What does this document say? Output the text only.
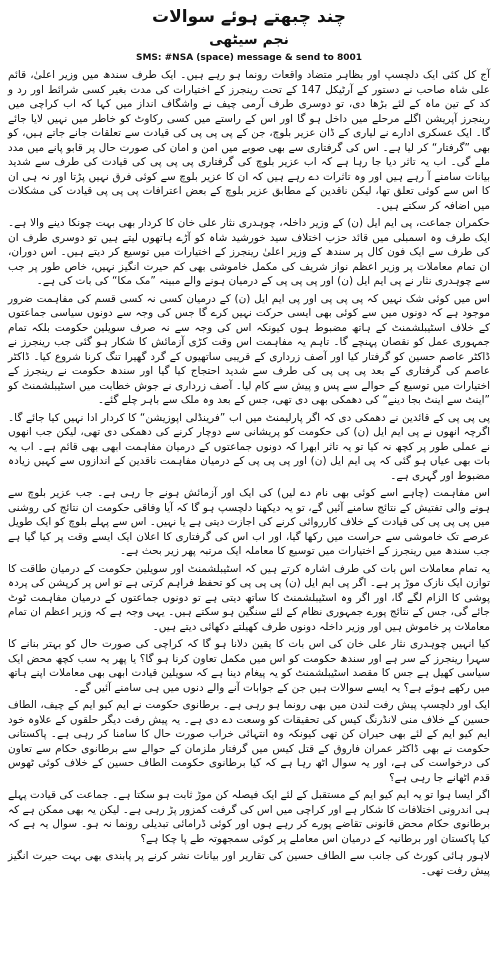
چند چبھتے ہوئے سوالات
نجم سیٹھی
SMS: #NSA (space) message & send to 8001

آج کل کئی ایک دلچسپ اور بظاہر متضاد واقعات رونما ہو رہے ہیں۔ ایک طرف سندھ میں وزیر اعلیٰ، قائم علی شاہ صاحب نے دستور کے آرٹیکل 147 کے تحت رینجرز کے اختیارات کی مدت بغیر کسی شرائط اور رد و کد کے تین ماہ کے لئے بڑھا دی، تو دوسری طرف آرمی چیف نے واشگاف انداز میں کہا کہ اب کراچی میں رینجرز آپریشن اگلے مرحلے میں داخل ہو گا اور اس کے راستے میں کسی رکاوٹ کو خاطر میں نہیں لایا جائے گا۔ ایک عسکری ادارے نے لیاری کے ڈان عزیر بلوچ، جن کے پی پی پی کی قیادت سے تعلقات جانے جاتے ہیں، کو بھی ”گرفتار“ کر لیا ہے۔ اس کی گرفتاری سے بھی صوبے میں امن و امان کی صورت حال پر قابو پانے میں مدد ملے گی۔ اب یہ تاثر دیا جا رہا ہے کہ اب عزیر بلوچ کی گرفتاری پی پی پی کی قیادت کی طرف سے شدید بیانات سامنے آ رہے ہیں اور وہ تاثرات دے رہے ہیں کہ ان کا عزیر بلوچ سے کوئی فرق نہیں پڑتا اور نہ ہی ان کا اس سے کوئی تعلق تھا، لیکن ناقدین کے مطابق عزیر بلوچ کے بعض اعترافات پی پی پی قیادت کی مشکلات میں اضافہ کر سکتے ہیں۔

حکمران جماعت، پی ایم ایل (ن) کے وزیر داخلہ، چوہدری نثار علی خان کا کردار بھی بہت چونکا دینے والا ہے۔ ایک طرف وہ اسمبلی میں قائد حزب اختلاف سید خورشید شاہ کو آڑے ہاتھوں لیتے ہیں تو دوسری طرف ان کی طرف سے ایک فون کال پر سندھ کے وزیر اعلیٰ رینجرز کے اختیارات میں توسیع کر دیتے ہیں۔ اس دوران، ان تمام معاملات پر وزیر اعظم نواز شریف کی مکمل خاموشی بھی کم حیرت انگیز نہیں، خاص طور پر جب سے چوہدری نثار نے پی ایم ایل (ن) اور پی پی پی کے درمیان ہونے والے مبینہ ”مک مکا“ کی بات کی ہے۔

اس میں کوئی شک نہیں کہ پی پی پی اور پی ایم ایل (ن) کے درمیان کسی نہ کسی قسم کی مفاہمت ضرور موجود ہے کہ دونوں میں سے کوئی بھی ایسی حرکت نہیں کرے گا جس کی وجہ سے دونوں سیاسی جماعتوں کے خلاف اسٹیبلشمنٹ کے ہاتھ مضبوط ہوں کیونکہ اس کی وجہ سے نہ صرف سویلین حکومت بلکہ تمام جمہوری عمل کو نقصان پہنچے گا۔ تاہم یہ مفاہمت اس وقت کڑی آزمائش کا شکار ہو گئی جب رینجرز نے ڈاکٹر عاصم حسین کو گرفتار کیا اور آصف زرداری کے قریبی ساتھیوں کے گرد گھیرا تنگ کرنا شروع کیا۔ ڈاکٹر عاصم کی گرفتاری کے بعد پی پی پی کی طرف سے شدید احتجاج کیا گیا اور سندھ حکومت نے رینجرز کے اختیارات میں توسیع کے حوالے سے پس و پیش سے کام لیا۔ آصف زرداری نے جوش خطابت میں اسٹیبلشمنٹ کو ”اینٹ سے اینٹ بجا دینے“ کی دھمکی بھی دی تھی، جس کے بعد وہ ملک سے باہر چلے گئے۔

پی پی پی کے قائدین نے دھمکی دی کہ اگر پارلیمنٹ میں اب ”فرینڈلی اپوزیشن“ کا کردار ادا نہیں کیا جائے گا۔ اگرچہ انھوں نے پی ایم ایل (ن) کی حکومت کو پریشانی سے دوچار کرنے کی دھمکی دی تھی، لیکن جب انھوں نے عملی طور پر کچھ نہ کیا تو یہ تاثر ابھرا کہ دونوں جماعتوں کے درمیان مفاہمت ابھی بھی قائم ہے۔ اب یہ بات بھی عیاں ہو گئی کہ پی ایم ایل (ن) اور پی پی پی کے درمیان مفاہمت ناقدین کے اندازوں سے کہیں زیادہ مضبوط اور گہری ہے۔

اس مفاہمت (چاہے اسے کوئی بھی نام دے لیں) کی ایک اور آزمائش ہونے جا رہی ہے۔ جب عزیر بلوچ سے ہونے والی تفتیش کے نتائج سامنے آئیں گے، تو یہ دیکھنا دلچسپ ہو گا کہ آیا وفاقی حکومت ان نتائج کی روشنی میں پی پی پی کی قیادت کے خلاف کارروائی کرنے کی اجازت دیتی ہے یا نہیں۔ اس سے پہلے بلوچ کو ایک طویل عرصے تک خاموشی سے حراست میں رکھا گیا، اور اب اس کی گرفتاری کا اعلان ایک ایسے وقت پر کیا گیا ہے جب سندھ میں رینجرز کے اختیارات میں توسیع کا معاملہ ایک مرتبہ پھر زیر بحث ہے۔

یہ تمام معاملات اس بات کی طرف اشارہ کرتے ہیں کہ اسٹیبلشمنٹ اور سویلین حکومت کے درمیان طاقت کا توازن ایک نازک موڑ پر ہے۔ اگر پی ایم ایل (ن) پی پی پی کو تحفظ فراہم کرتی ہے تو اس پر کرپشن کی پردہ پوشی کا الزام لگے گا، اور اگر وہ اسٹیبلشمنٹ کا ساتھ دیتی ہے تو دونوں جماعتوں کے درمیان مفاہمت ٹوٹ جائے گی، جس کے نتائج پورے جمہوری نظام کے لئے سنگین ہو سکتے ہیں۔ یہی وجہ ہے کہ وزیر اعظم ان تمام معاملات پر خاموش ہیں اور وزیر داخلہ دونوں طرف کھیلتے دکھائی دیتے ہیں۔

کیا انہیں چوہدری نثار علی خان کی اس بات کا یقین دلانا ہو گا کہ کراچی کی صورت حال کو بہتر بنانے کا سہرا رینجرز کے سر ہے اور سندھ حکومت کو اس میں مکمل تعاون کرنا ہو گا؟ یا پھر یہ سب کچھ محض ایک سیاسی کھیل ہے جس کا مقصد اسٹیبلشمنٹ کو یہ پیغام دینا ہے کہ سویلین قیادت ابھی بھی معاملات اپنے ہاتھ میں رکھے ہوئے ہے؟ یہ ایسے سوالات ہیں جن کے جوابات آنے والے دنوں میں ہی سامنے آئیں گے۔

ایک اور دلچسپ پیش رفت لندن میں بھی رونما ہو رہی ہے۔ برطانوی حکومت نے ایم کیو ایم کے چیف، الطاف حسین کے خلاف منی لانڈرنگ کیس کی تحقیقات کو وسعت دے دی ہے۔ یہ پیش رفت دیگر حلقوں کے علاوہ خود ایم کیو ایم کے لئے بھی حیران کن تھی کیونکہ وہ انتہائی خراب صورت حال کا سامنا کر رہی ہے۔ پاکستانی حکومت نے بھی ڈاکٹر عمران فاروق کے قتل کیس میں گرفتار ملزمان کے حوالے سے برطانوی حکام سے تعاون کی درخواست کی ہے، اور یہ سوال اٹھ رہا ہے کہ کیا برطانوی حکومت الطاف حسین کے خلاف کوئی ٹھوس قدم اٹھانے جا رہی ہے؟

اگر ایسا ہوا تو یہ ایم کیو ایم کے مستقبل کے لئے ایک فیصلہ کن موڑ ثابت ہو سکتا ہے۔ جماعت کی قیادت پہلے ہی اندرونی اختلافات کا شکار ہے اور کراچی میں اس کی گرفت کمزور پڑ رہی ہے۔ لیکن یہ بھی ممکن ہے کہ برطانوی حکام محض قانونی تقاضے پورے کر رہے ہوں اور کوئی ڈرامائی تبدیلی رونما نہ ہو۔ سوال یہ ہے کہ کیا پاکستان اور برطانیہ کے درمیان اس معاملے پر کوئی سمجھوتہ طے پا چکا ہے؟

لاہور ہائی کورٹ کی جانب سے الطاف حسین کی تقاریر اور بیانات نشر کرنے پر پابندی بھی بہت حیرت انگیز پیش رفت تھی۔
